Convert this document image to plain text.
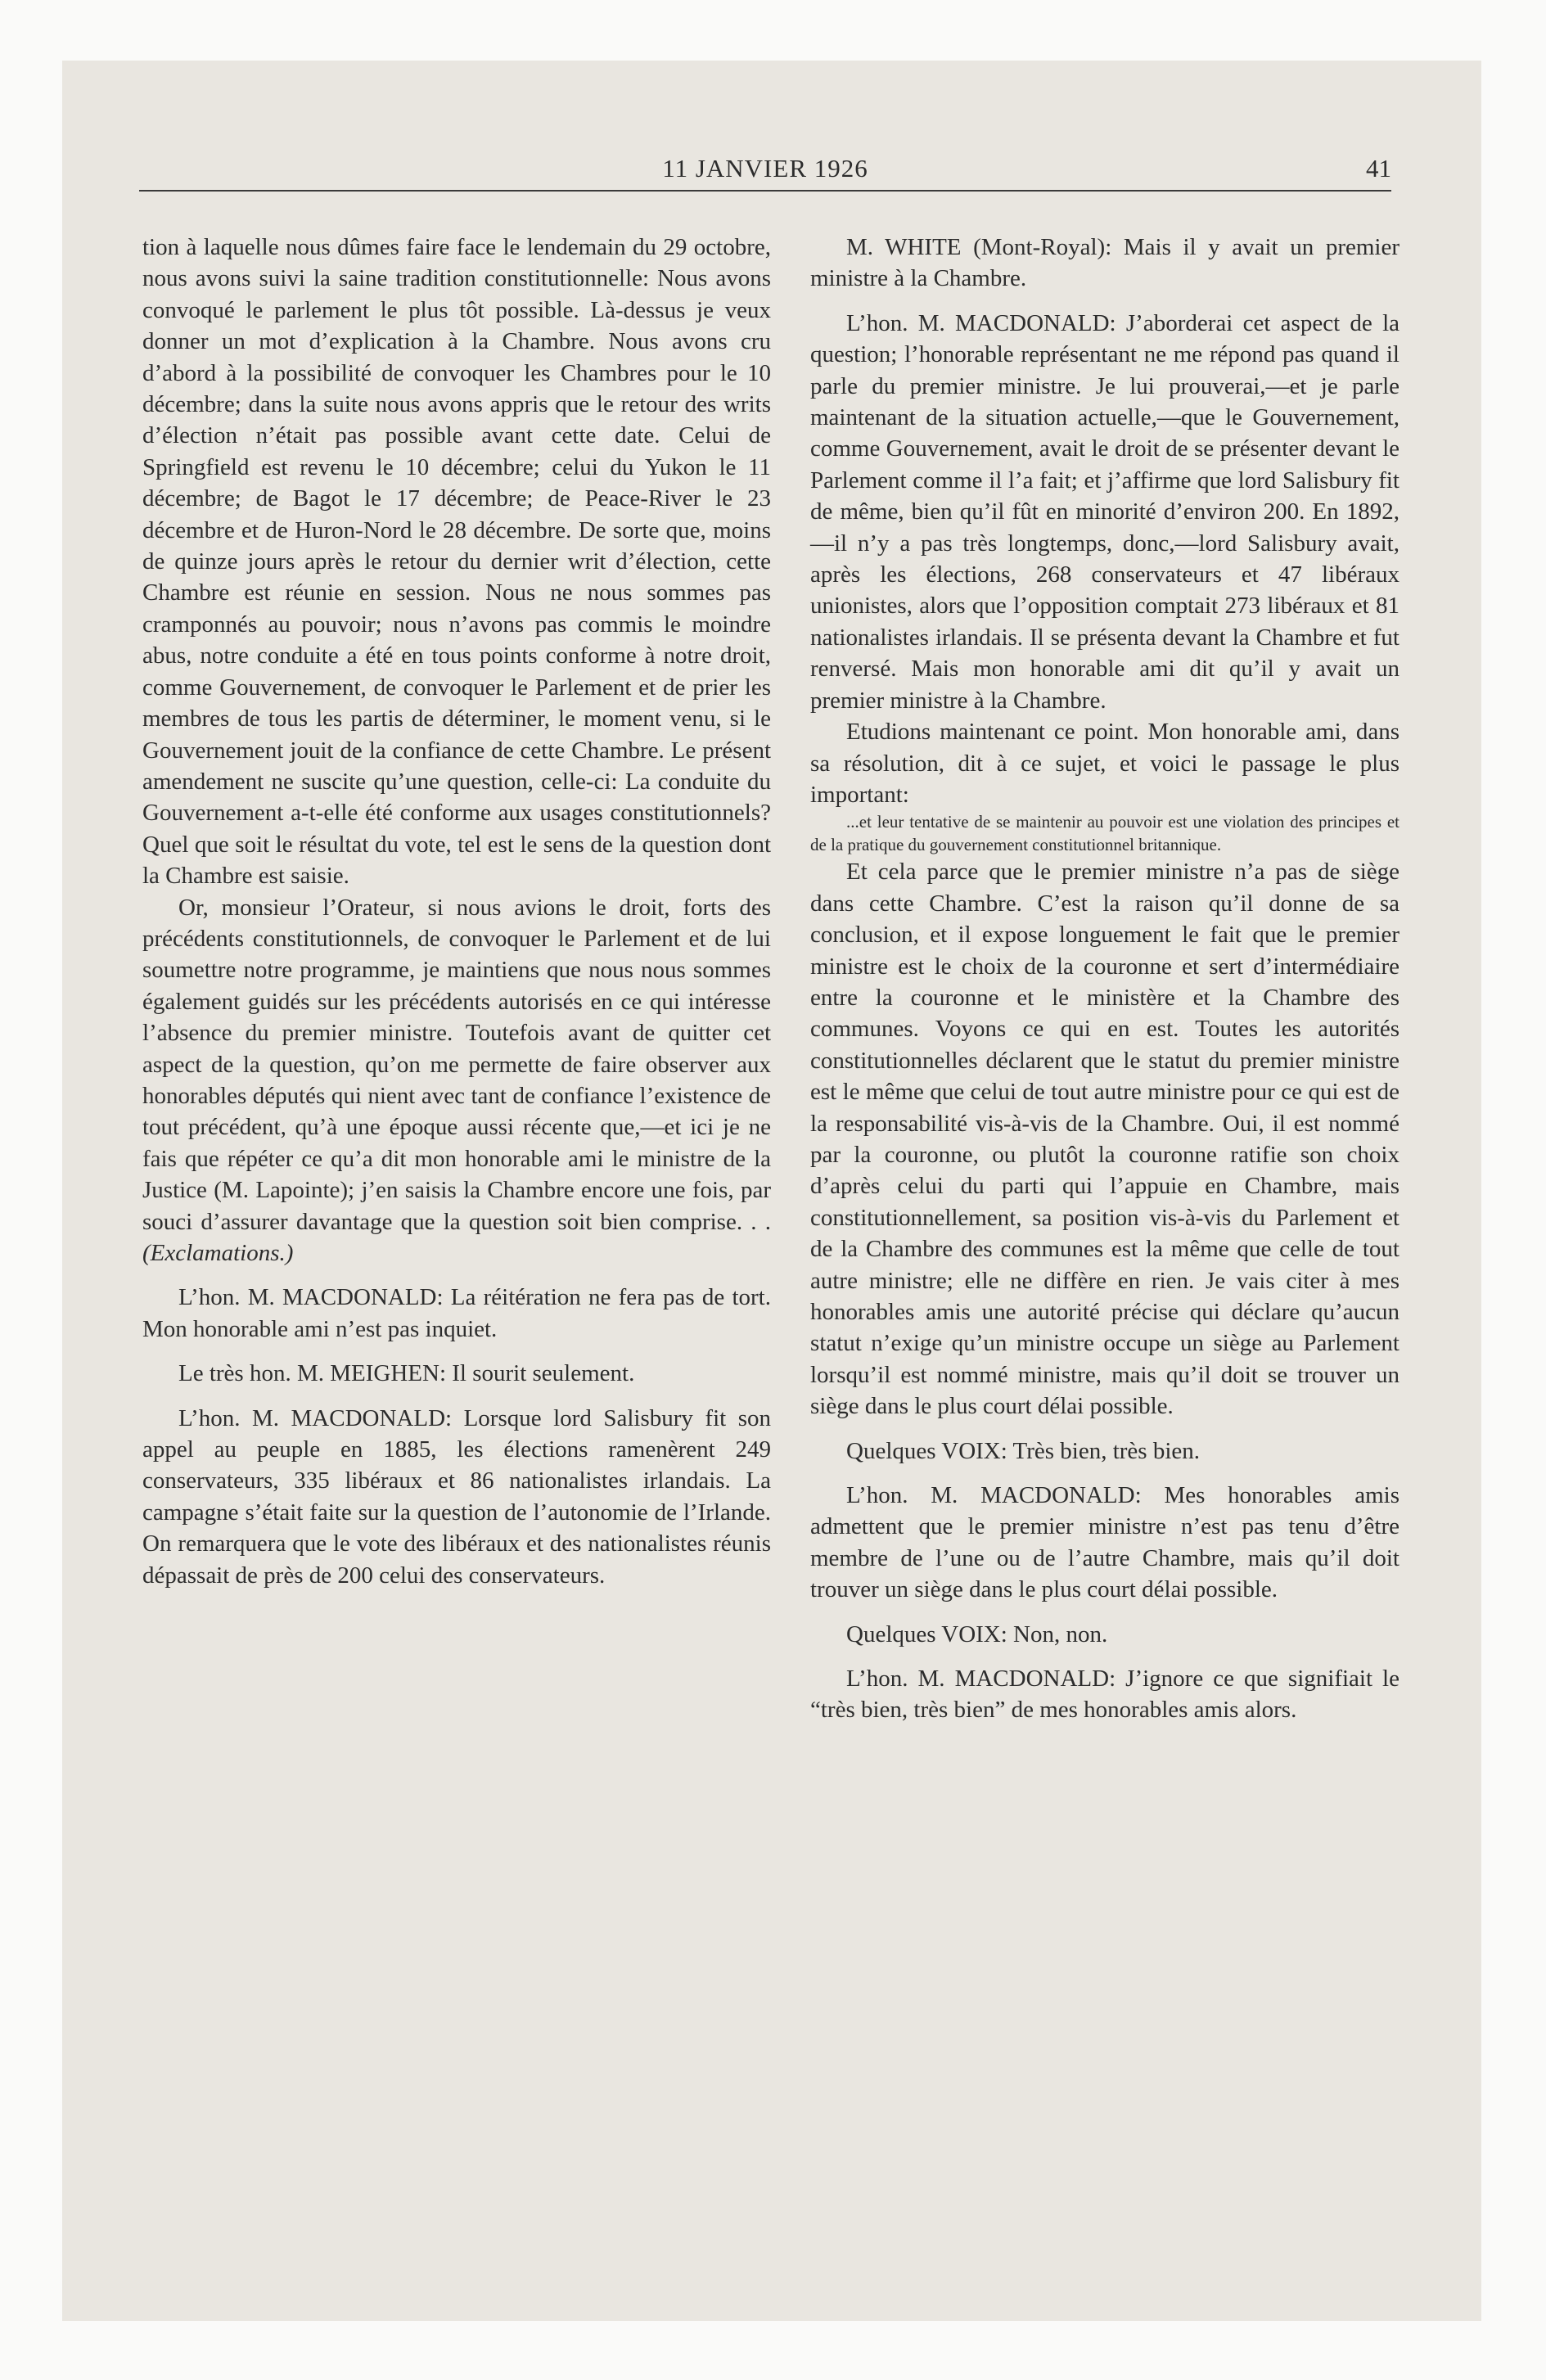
11 JANVIER 1926	41

tion à laquelle nous dûmes faire face le lendemain du 29 octobre, nous avons suivi la saine tradition constitutionnelle: Nous avons convoqué le parlement le plus tôt possible. Là-dessus je veux donner un mot d’explication à la Chambre. Nous avons cru d’abord à la possibilité de convoquer les Chambres pour le 10 décembre; dans la suite nous avons appris que le retour des writs d’élection n’était pas possible avant cette date. Celui de Springfield est revenu le 10 décembre; celui du Yukon le 11 décembre; de Bagot le 17 décembre; de Peace-River le 23 décembre et de Huron-Nord le 28 décembre. De sorte que, moins de quinze jours après le retour du dernier writ d’élection, cette Chambre est réunie en session. Nous ne nous sommes pas cramponnés au pouvoir; nous n’avons pas commis le moindre abus, notre conduite a été en tous points conforme à notre droit, comme Gouvernement, de convoquer le Parlement et de prier les membres de tous les partis de déterminer, le moment venu, si le Gouvernement jouit de la confiance de cette Chambre. Le présent amendement ne suscite qu’une question, celle-ci: La conduite du Gouvernement a-t-elle été conforme aux usages constitutionnels? Quel que soit le résultat du vote, tel est le sens de la question dont la Chambre est saisie.

Or, monsieur l’Orateur, si nous avions le droit, forts des précédents constitutionnels, de convoquer le Parlement et de lui soumettre notre programme, je maintiens que nous nous sommes également guidés sur les précédents autorisés en ce qui intéresse l’absence du premier ministre. Toutefois avant de quitter cet aspect de la question, qu’on me permette de faire observer aux honorables députés qui nient avec tant de confiance l’existence de tout précédent, qu’à une époque aussi récente que,—et ici je ne fais que répéter ce qu’a dit mon honorable ami le ministre de la Justice (M. Lapointe); j’en saisis la Chambre encore une fois, par souci d’assurer davantage que la question soit bien comprise. . . (Exclamations.)

L’hon. M. MACDONALD: La réitération ne fera pas de tort. Mon honorable ami n’est pas inquiet.

Le très hon. M. MEIGHEN: Il sourit seulement.

L’hon. M. MACDONALD: Lorsque lord Salisbury fit son appel au peuple en 1885, les élections ramenèrent 249 conservateurs, 335 libéraux et 86 nationalistes irlandais. La campagne s’était faite sur la question de l’autonomie de l’Irlande. On remarquera que le vote des libéraux et des nationalistes réunis dépassait de près de 200 celui des conservateurs.

M. WHITE (Mont-Royal): Mais il y avait un premier ministre à la Chambre.

L’hon. M. MACDONALD: J’aborderai cet aspect de la question; l’honorable représentant ne me répond pas quand il parle du premier ministre. Je lui prouverai,—et je parle maintenant de la situation actuelle,—que le Gouvernement, comme Gouvernement, avait le droit de se présenter devant le Parlement comme il l’a fait; et j’affirme que lord Salisbury fit de même, bien qu’il fût en minorité d’environ 200. En 1892,—il n’y a pas très longtemps, donc,—lord Salisbury avait, après les élections, 268 conservateurs et 47 libéraux unionistes, alors que l’opposition comptait 273 libéraux et 81 nationalistes irlandais. Il se présenta devant la Chambre et fut renversé. Mais mon honorable ami dit qu’il y avait un premier ministre à la Chambre.

Etudions maintenant ce point. Mon honorable ami, dans sa résolution, dit à ce sujet, et voici le passage le plus important:

...et leur tentative de se maintenir au pouvoir est une violation des principes et de la pratique du gouvernement constitutionnel britannique.

Et cela parce que le premier ministre n’a pas de siège dans cette Chambre. C’est la raison qu’il donne de sa conclusion, et il expose longuement le fait que le premier ministre est le choix de la couronne et sert d’intermédiaire entre la couronne et le ministère et la Chambre des communes. Voyons ce qui en est. Toutes les autorités constitutionnelles déclarent que le statut du premier ministre est le même que celui de tout autre ministre pour ce qui est de la responsabilité vis-à-vis de la Chambre. Oui, il est nommé par la couronne, ou plutôt la couronne ratifie son choix d’après celui du parti qui l’appuie en Chambre, mais constitutionnellement, sa position vis-à-vis du Parlement et de la Chambre des communes est la même que celle de tout autre ministre; elle ne diffère en rien. Je vais citer à mes honorables amis une autorité précise qui déclare qu’aucun statut n’exige qu’un ministre occupe un siège au Parlement lorsqu’il est nommé ministre, mais qu’il doit se trouver un siège dans le plus court délai possible.

Quelques VOIX: Très bien, très bien.

L’hon. M. MACDONALD: Mes honorables amis admettent que le premier ministre n’est pas tenu d’être membre de l’une ou de l’autre Chambre, mais qu’il doit trouver un siège dans le plus court délai possible.

Quelques VOIX: Non, non.

L’hon. M. MACDONALD: J’ignore ce que signifiait le “très bien, très bien” de mes honorables amis alors.
